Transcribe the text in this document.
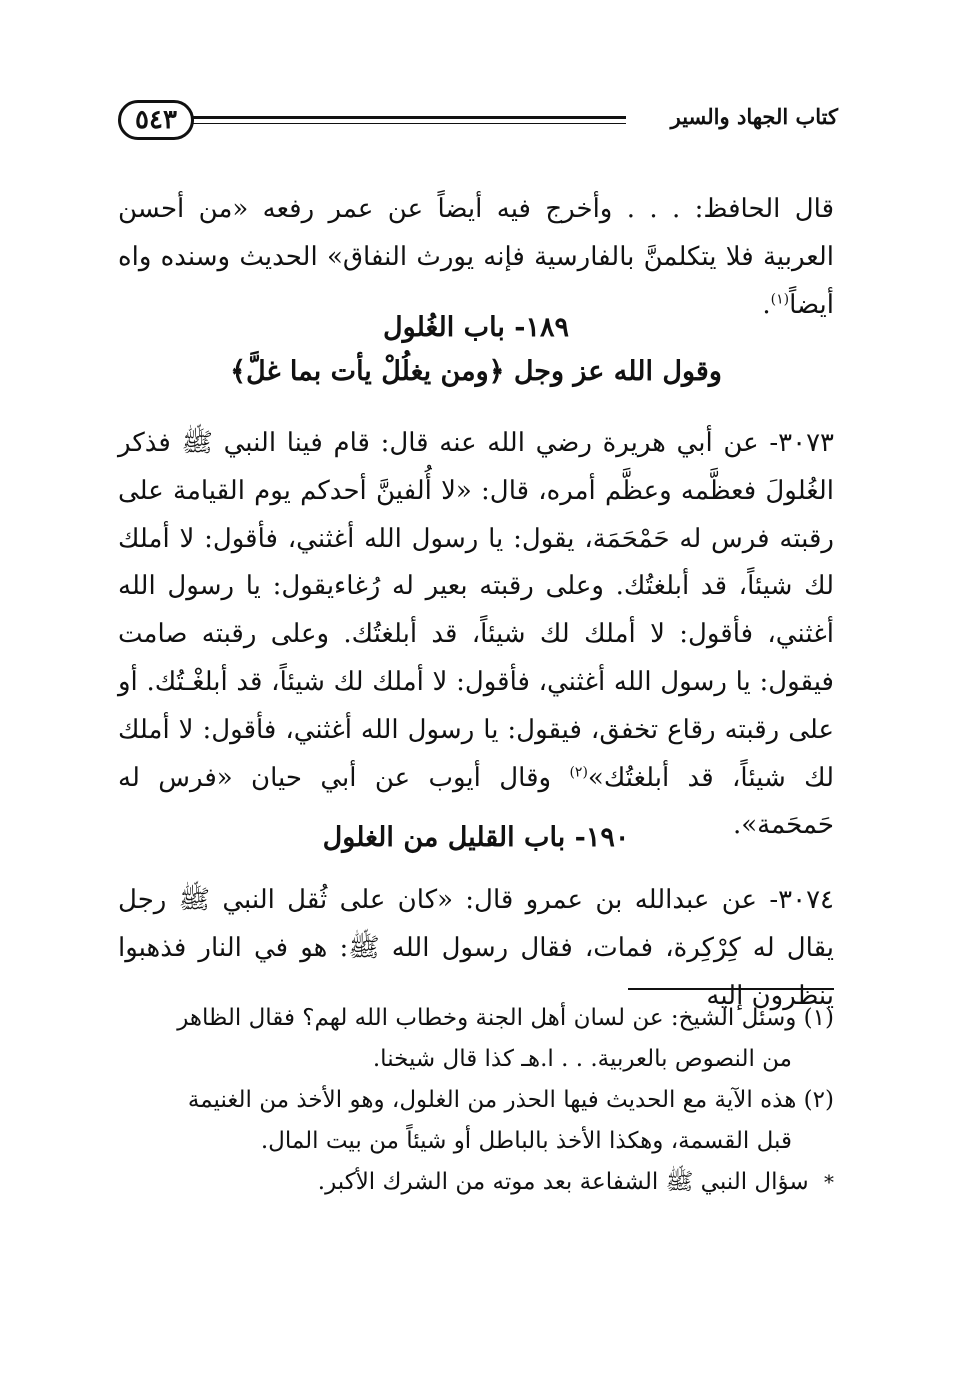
كتاب الجهاد والسير
٥٤٣
قال الحافظ: . . . وأخرج فيه أيضاً عن عمر رفعه «من أحسن العربية فلا يتكلمنَّ بالفارسية فإنه يورث النفاق» الحديث وسنده واه أيضاً$^{(١)}$.
١٨٩- باب الغُلول
وقول الله عز وجل ﴿ومن يغلُلْ يأت بما غلَّ﴾
٣٠٧٣- عن أبي هريرة رضي الله عنه قال: قام فينا النبي ﷺ فذكر الغُلولَ فعظَّمه وعظَّم أمره، قال: «لا أُلفينَّ أحدكم يوم القيامة على رقبته فرس له حَمْحَمَة، يقول: يا رسول الله أغثني، فأقول: لا أملك لك شيئاً، قد أبلغتُك. وعلى رقبته بعير له رُغاءيقول: يا رسول الله أغثني، فأقول: لا أملك لك شيئاً، قد أبلغتُك. وعلى رقبته صامت فيقول: يا رسول الله أغثني، فأقول: لا أملك لك شيئاً، قد أبلغْـتُك. أو على رقبته رقاع تخفق، فيقول: يا رسول الله أغثني، فأقول: لا أملك لك شيئاً، قد أبلغتُك»$^{(٢)}$ وقال أيوب عن أبي حيان «فرس له حَمحَمة».
١٩٠- باب القليل من الغلول
٣٠٧٤- عن عبدالله بن عمرو قال: «كان على ثُقل النبي ﷺ رجل يقال له كِرْكِرة، فمات، فقال رسول الله ﷺ: هو في النار فذهبوا ينظرون إليه
(١) وسئل الشيخ: عن لسان أهل الجنة وخطاب الله لهم؟ فقال الظاهر
من النصوص بالعربية. . . ا.هـ كذا قال شيخنا.
(٢) هذه الآية مع الحديث فيها الحذر من الغلول، وهو الأخذ من الغنيمة
قبل القسمة، وهكذا الأخذ بالباطل أو شيئاً من بيت المال.
* سؤال النبي ﷺ الشفاعة بعد موته من الشرك الأكبر.
